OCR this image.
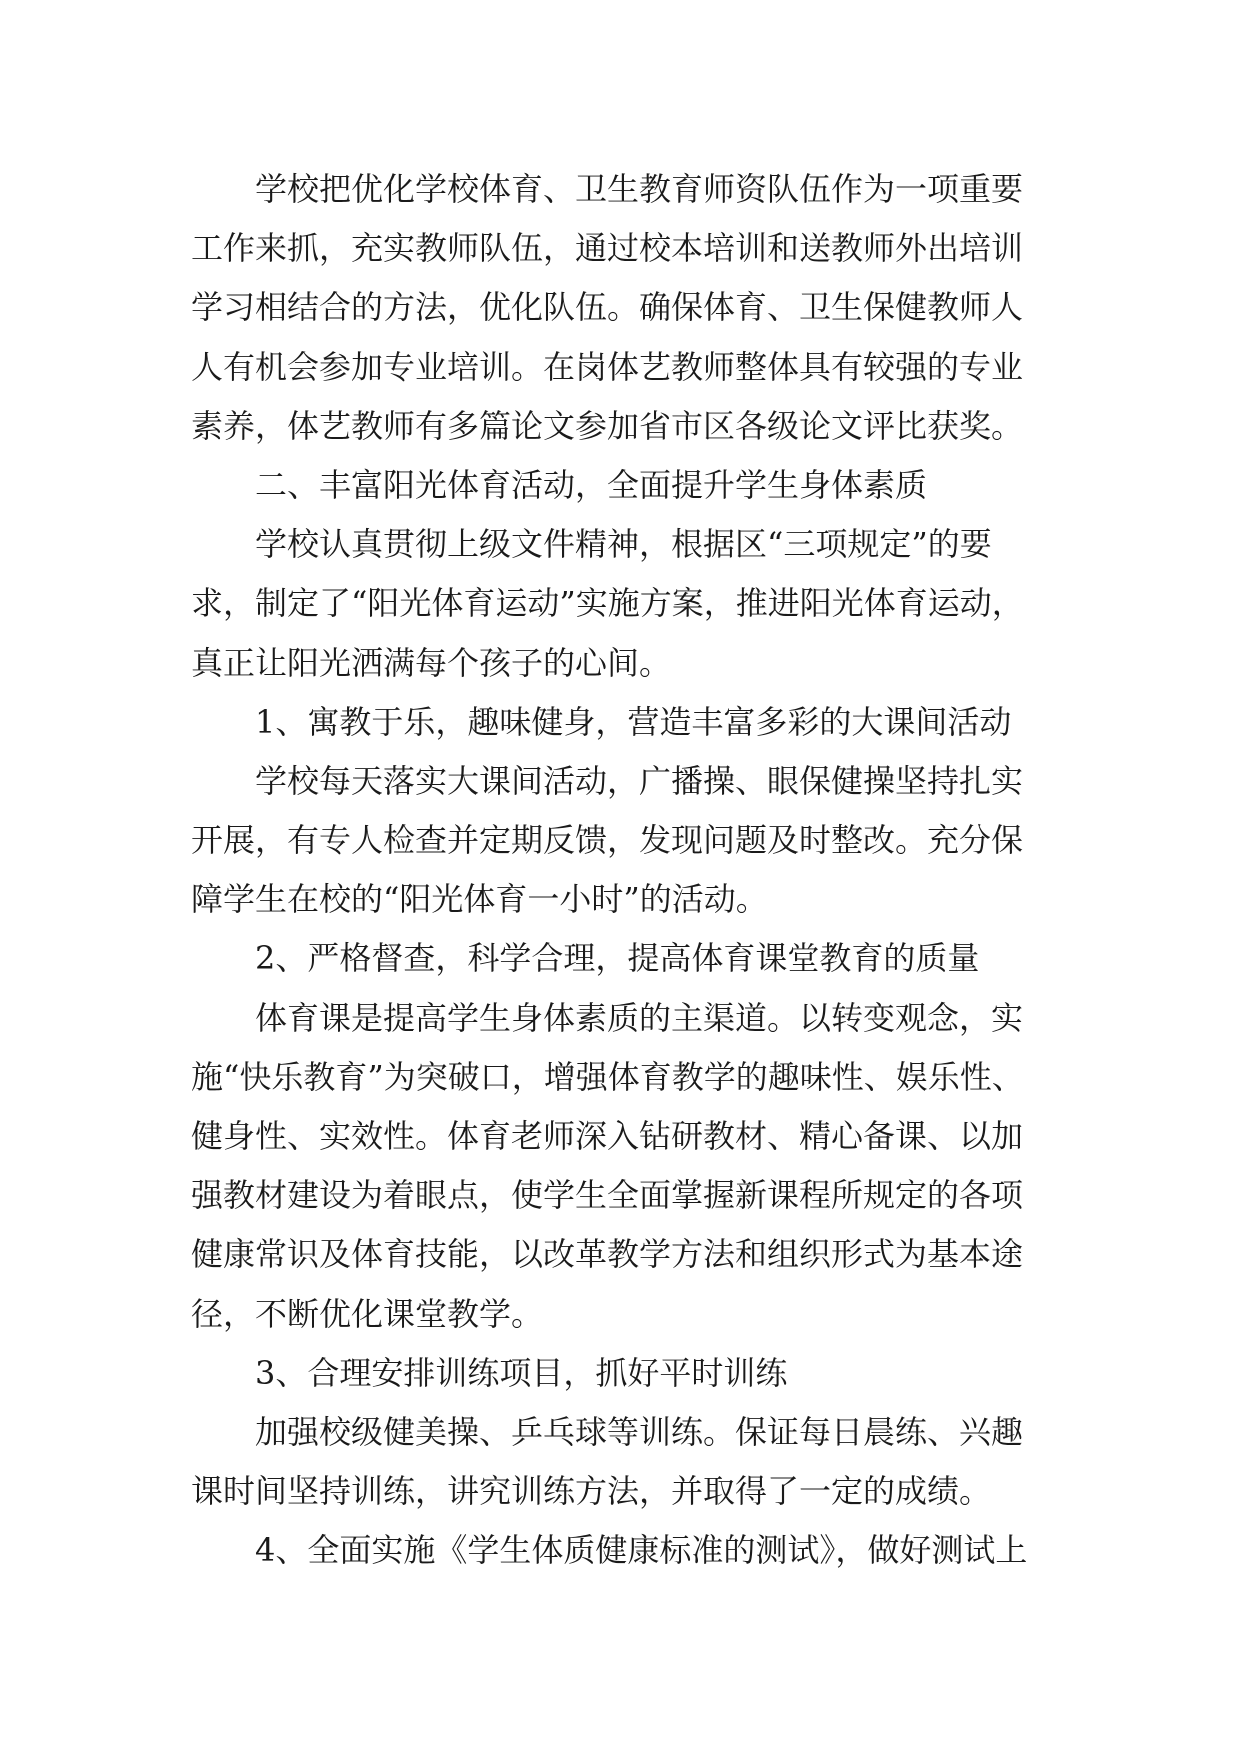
学校把优化学校体育、卫生教育师资队伍作为一项重要
工作来抓，充实教师队伍，通过校本培训和送教师外出培训
学习相结合的方法，优化队伍。确保体育、卫生保健教师人
人有机会参加专业培训。在岗体艺教师整体具有较强的专业
素养，体艺教师有多篇论文参加省市区各级论文评比获奖。
二、丰富阳光体育活动，全面提升学生身体素质
学校认真贯彻上级文件精神，根据区“三项规定”的要
求，制定了“阳光体育运动”实施方案，推进阳光体育运动，
真正让阳光洒满每个孩子的心间。
1、寓教于乐，趣味健身，营造丰富多彩的大课间活动
学校每天落实大课间活动，广播操、眼保健操坚持扎实
开展，有专人检查并定期反馈，发现问题及时整改。充分保
障学生在校的“阳光体育一小时”的活动。
2、严格督查，科学合理，提高体育课堂教育的质量
体育课是提高学生身体素质的主渠道。以转变观念，实
施“快乐教育”为突破口，增强体育教学的趣味性、娱乐性、
健身性、实效性。体育老师深入钻研教材、精心备课、以加
强教材建设为着眼点，使学生全面掌握新课程所规定的各项
健康常识及体育技能，以改革教学方法和组织形式为基本途
径，不断优化课堂教学。
3、合理安排训练项目，抓好平时训练
加强校级健美操、乒乓球等训练。保证每日晨练、兴趣
课时间坚持训练，讲究训练方法，并取得了一定的成绩。
4、全面实施《学生体质健康标准的测试》，做好测试上
